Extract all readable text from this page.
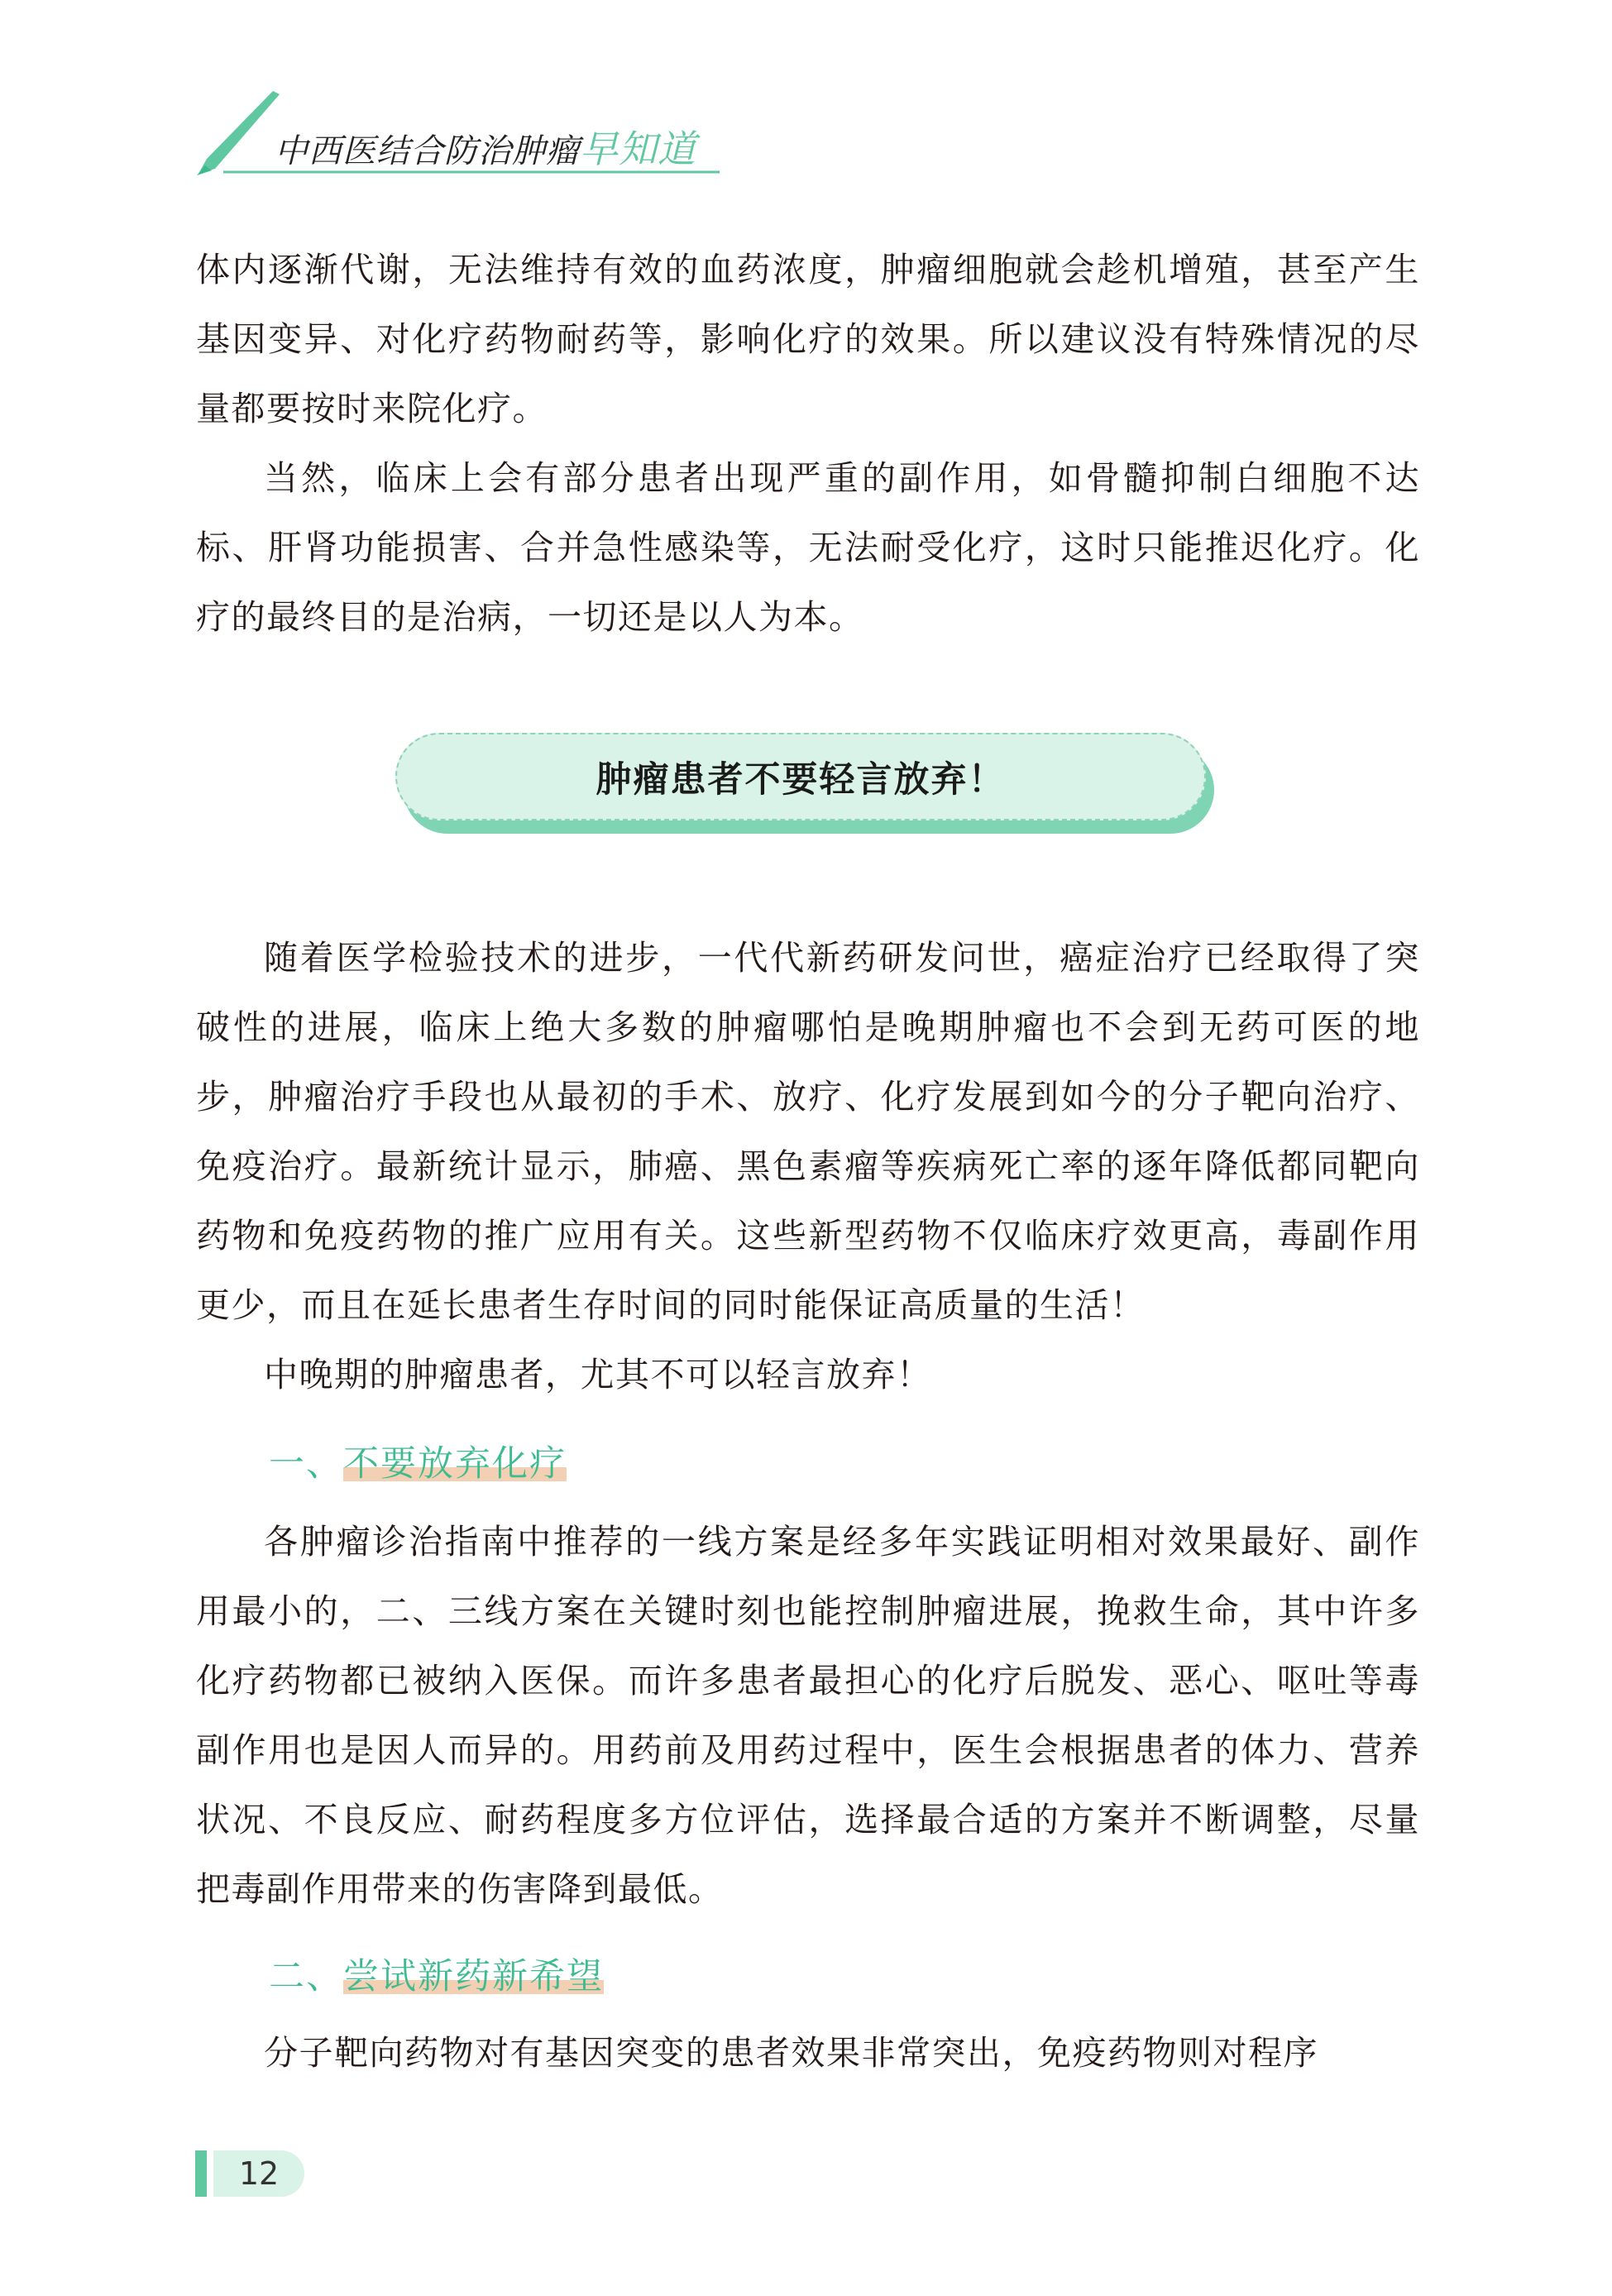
中西医结合防治肿瘤早知道

体内逐渐代谢，无法维持有效的血药浓度，肿瘤细胞就会趁机增殖，甚至产生基因变异、对化疗药物耐药等，影响化疗的效果。所以建议没有特殊情况的尽量都要按时来院化疗。

当然，临床上会有部分患者出现严重的副作用，如骨髓抑制白细胞不达标、肝肾功能损害、合并急性感染等，无法耐受化疗，这时只能推迟化疗。化疗的最终目的是治病，一切还是以人为本。

肿瘤患者不要轻言放弃！

随着医学检验技术的进步，一代代新药研发问世，癌症治疗已经取得了突破性的进展，临床上绝大多数的肿瘤哪怕是晚期肿瘤也不会到无药可医的地步，肿瘤治疗手段也从最初的手术、放疗、化疗发展到如今的分子靶向治疗、免疫治疗。最新统计显示，肺癌、黑色素瘤等疾病死亡率的逐年降低都同靶向药物和免疫药物的推广应用有关。这些新型药物不仅临床疗效更高，毒副作用更少，而且在延长患者生存时间的同时能保证高质量的生活！

中晚期的肿瘤患者，尤其不可以轻言放弃！

一、不要放弃化疗

各肿瘤诊治指南中推荐的一线方案是经多年实践证明相对效果最好、副作用最小的，二、三线方案在关键时刻也能控制肿瘤进展，挽救生命，其中许多化疗药物都已被纳入医保。而许多患者最担心的化疗后脱发、恶心、呕吐等毒副作用也是因人而异的。用药前及用药过程中，医生会根据患者的体力、营养状况、不良反应、耐药程度多方位评估，选择最合适的方案并不断调整，尽量把毒副作用带来的伤害降到最低。

二、尝试新药新希望

分子靶向药物对有基因突变的患者效果非常突出，免疫药物则对程序

12
